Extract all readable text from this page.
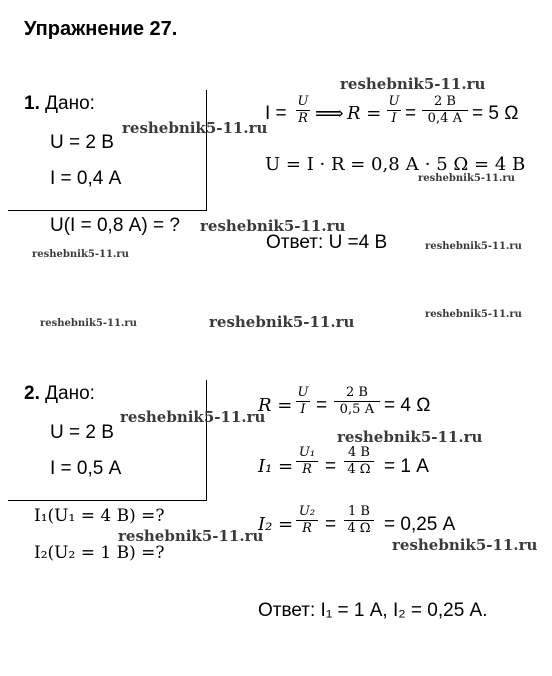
Упражнение 27.
1. Дано:
U = 2 В
I = 0,4 А
U(I = 0,8 А) = ?
I =
U
R ⟹ R =
U
I =
2 В
0,4 А = 5 Ω
U = I · R = 0,8 А · 5 Ω = 4 В
Ответ: U =4 В
2. Дано:
U = 2 В
I = 0,5 А
I₁(U₁ = 4 В) =?
I₂(U₂ = 1 В) =?
R =
U
I =
2 В
0,5 А = 4 Ω
I₁ =
U₁
R =
4 В
4 Ω = 1 А
I₂ =
U₂
R =
1 В
4 Ω = 0,25 А
Ответ: I₁ = 1 А, I₂ = 0,25 А.
reshebnik5-11.ru
reshebnik5-11.ru
reshebnik5-11.ru
reshebnik5-11.ru
reshebnik5-11.ru
reshebnik5-11.ru
reshebnik5-11.ru	reshebnik5-11.ru	reshebnik5-11.ru
reshebnik5-11.ru
reshebnik5-11.ru
reshebnik5-11.ru	reshebnik5-11.ru
